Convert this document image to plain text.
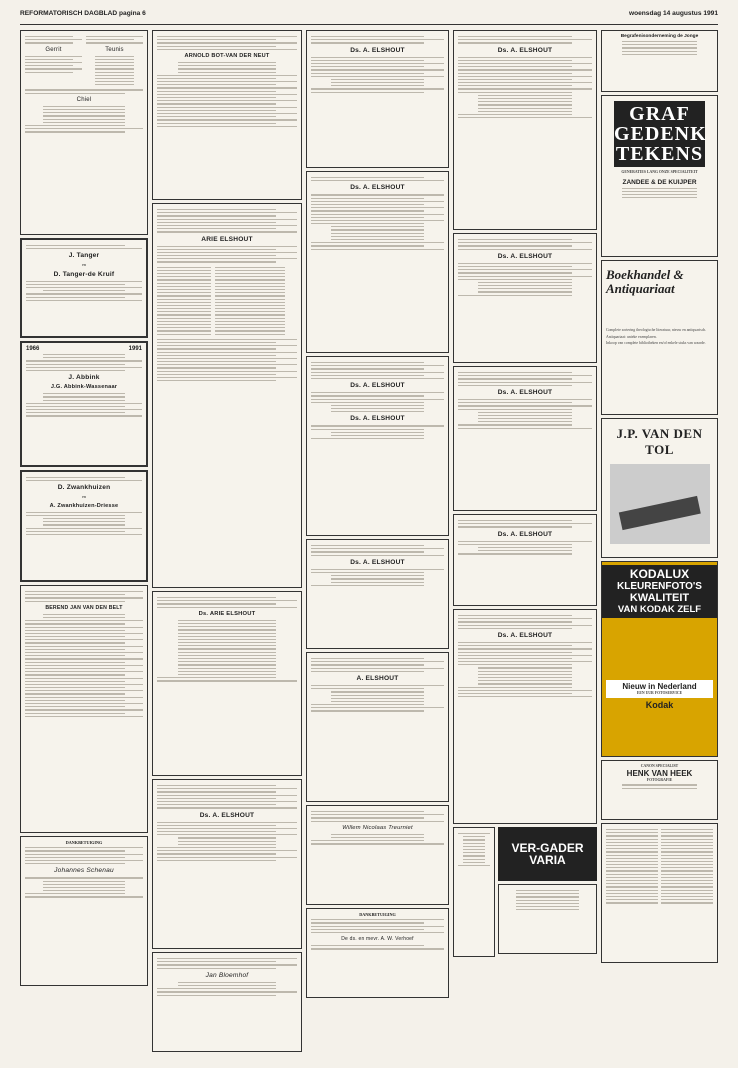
REFORMATORISCH DAGBLAD pagina 6	woensdag 14 augustus 1991
Gerrit	Teunis
Chiel
J. Tanger
en
D. Tanger-de Kruif
1966	1991
J. Abbink
J.G. Abbink-Wassenaar
D. Zwankhuizen
en
A. Zwankhuizen-Driesse
BEREND JAN VAN DEN BELT
DANKBETUIGING
Johannes Schenau
ARNOLD BOT-VAN DER NEUT
ARIE ELSHOUT
Ds. ARIE ELSHOUT
Ds. A. ELSHOUT
Jan Bloemhof
Ds. A. ELSHOUT
Ds. A. ELSHOUT
Ds. A. ELSHOUT
Ds. A. ELSHOUT
Ds. A. ELSHOUT
A. ELSHOUT
Willem Nicolaas Treurniet
DANKBETUIGING
De ds. en mevr. A. W. Verhoef
Ds. A. ELSHOUT
Ds. A. ELSHOUT
Ds. A. ELSHOUT
Ds. A. ELSHOUT
Ds. A. ELSHOUT
VER-GADER VARIA
Begrafenisonderneming de Jonge
GRAF
GEDENK
TEKENS
GENERATIES LANG ONZE SPECIALITEIT
ZANDEE & DE KUIJPER
Boekhandel & Antiquariaat
Complete sortering theologische literatuur, nieuw en antiquarisch.
Antiquariaat: unieke exemplaren.
Inkoop van complete bibliotheken en/of enkele stuks van waarde.
J.P. VAN DEN TOL
KODALUX
KLEURENFOTO'S
KWALITEIT
VAN KODAK ZELF
Nieuw in Nederland
EEN UUR FOTOSERVICE
Kodak
CANON SPECIALIST
HENK VAN HEEK
FOTOGRAFIE
